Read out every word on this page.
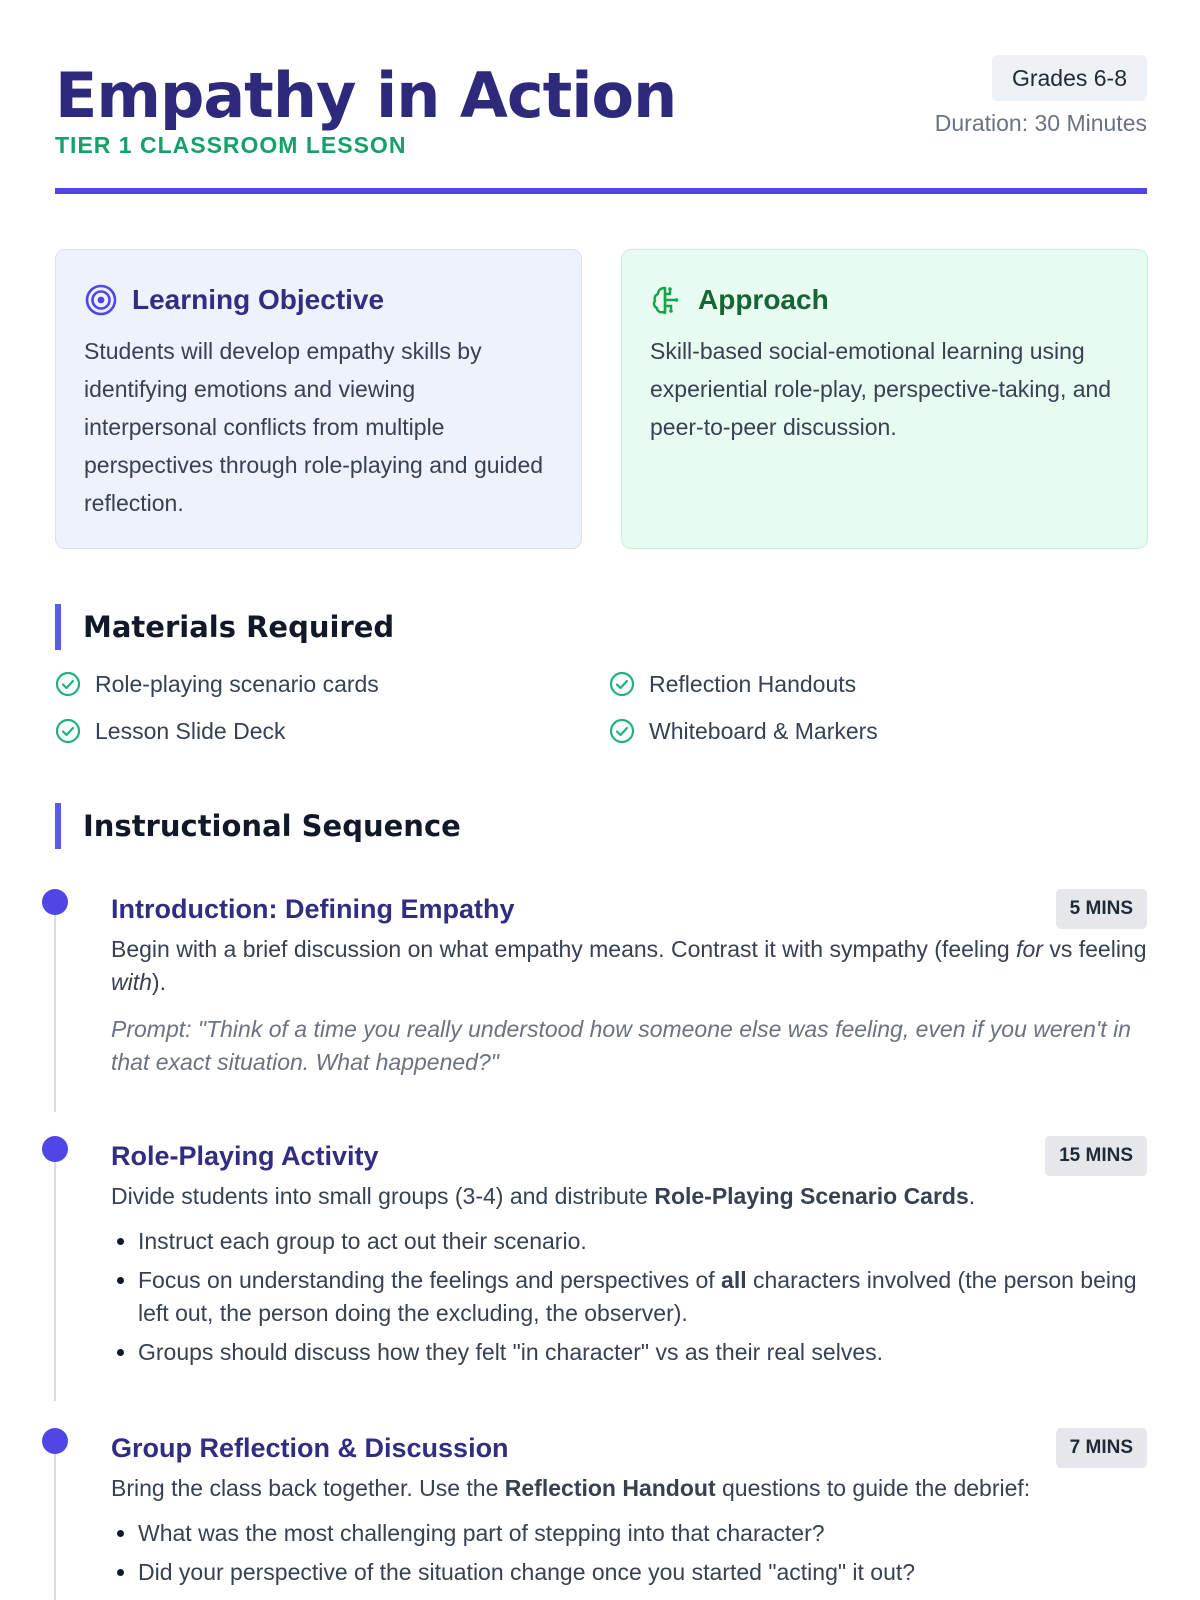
Empathy in Action
TIER 1 CLASSROOM LESSON
Grades 6-8
Duration: 30 Minutes
Learning Objective
Students will develop empathy skills by identifying emotions and viewing interpersonal conflicts from multiple perspectives through role-playing and guided reflection.
Approach
Skill-based social-emotional learning using experiential role-play, perspective-taking, and peer-to-peer discussion.
Materials Required
Role-playing scenario cards	Reflection Handouts
Lesson Slide Deck	Whiteboard & Markers
Instructional Sequence
Introduction: Defining Empathy	5 MINS
Begin with a brief discussion on what empathy means. Contrast it with sympathy (feeling for vs feeling with).
Prompt: "Think of a time you really understood how someone else was feeling, even if you weren't in that exact situation. What happened?"
Role-Playing Activity	15 MINS
Divide students into small groups (3-4) and distribute Role-Playing Scenario Cards.
• Instruct each group to act out their scenario.
• Focus on understanding the feelings and perspectives of all characters involved (the person being left out, the person doing the excluding, the observer).
• Groups should discuss how they felt "in character" vs as their real selves.
Group Reflection & Discussion	7 MINS
Bring the class back together. Use the Reflection Handout questions to guide the debrief:
• What was the most challenging part of stepping into that character?
• Did your perspective of the situation change once you started "acting" it out?
